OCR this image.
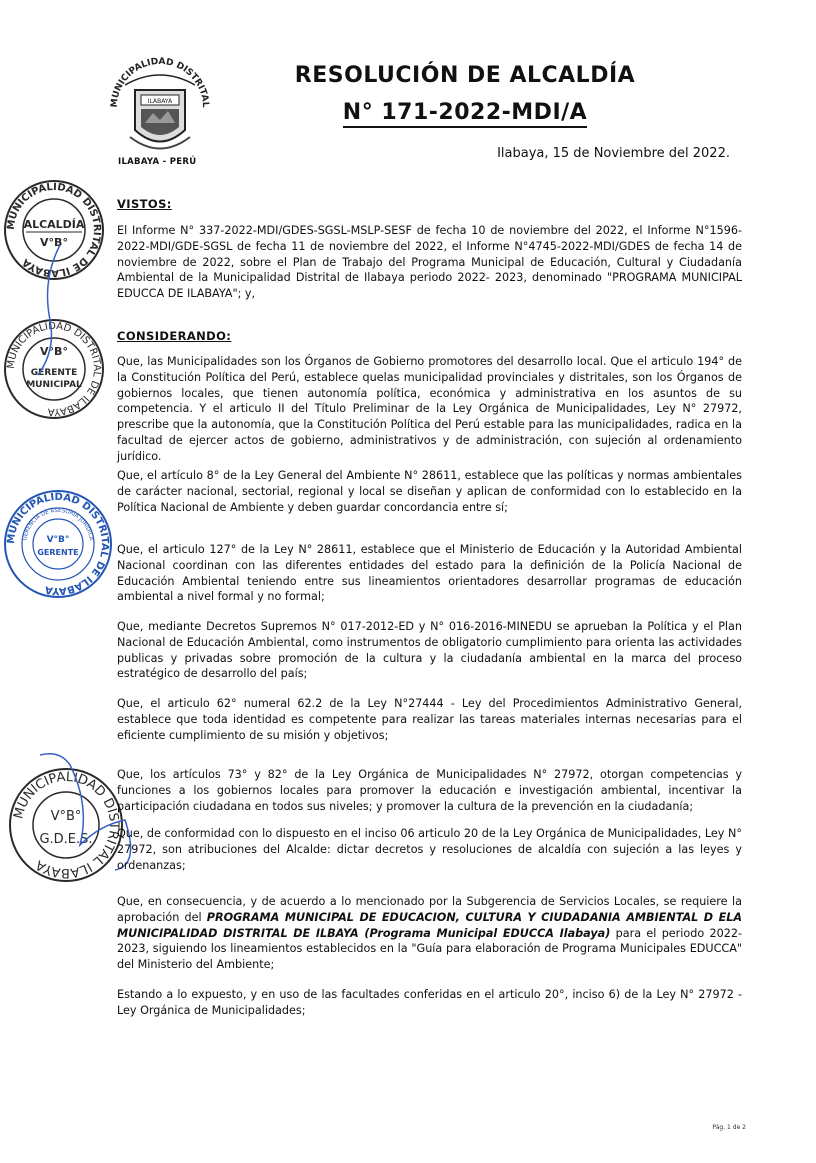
MUNICIPALIDAD DISTRITAL
ILABAYA
ILABAYA - PERÚ
RESOLUCIÓN DE ALCALDÍA
N° 171-2022-MDI/A
Ilabaya, 15 de Noviembre del 2022.
MUNICIPALIDAD DISTRITAL DE ILABAYA
ALCALDÍA
V°B°
MUNICIPALIDAD DISTRITAL DE ILABAYA
V°B°
GERENTE
MUNICIPAL
MUNICIPALIDAD DISTRITAL DE ILABAYA
GERENCIA DE ASESORÍA JURÍDICA
V°B°
GERENTE
MUNICIPALIDAD DISTRITAL ILABAYA
V°B°
G.D.E.S.
VISTOS:
El Informe N° 337-2022-MDI/GDES-SGSL-MSLP-SESF de fecha 10 de noviembre del 2022, el Informe N°1596-2022-MDI/GDE-SGSL de fecha 11 de noviembre del 2022, el Informe N°4745-2022-MDI/GDES de fecha 14 de noviembre de 2022, sobre el Plan de Trabajo del Programa Municipal de Educación, Cultural y Ciudadanía Ambiental de la Municipalidad Distrital de Ilabaya periodo 2022- 2023, denominado "PROGRAMA MUNICIPAL EDUCCA DE ILABAYA"; y,
CONSIDERANDO:
Que, las Municipalidades son los Órganos de Gobierno promotores del desarrollo local. Que el articulo 194° de la Constitución Política del Perú, establece quelas municipalidad provinciales y distritales, son los Órganos de gobiernos locales, que tienen autonomía política, económica y administrativa en los asuntos de su competencia. Y el articulo II del Título Preliminar de la Ley Orgánica de Municipalidades, Ley N° 27972, prescribe que la autonomía, que la Constitución Política del Perú estable para las municipalidades, radica en la facultad de ejercer actos de gobierno, administrativos y de administración, con sujeción al ordenamiento jurídico.
Que, el artículo 8° de la Ley General del Ambiente N° 28611, establece que las políticas y normas ambientales de carácter nacional, sectorial, regional y local se diseñan y aplican de conformidad con lo establecido en la Política Nacional de Ambiente y deben guardar concordancia entre sí;
Que, el articulo 127° de la Ley N° 28611, establece que el Ministerio de Educación y la Autoridad Ambiental Nacional coordinan con las diferentes entidades del estado para la definición de la Policía Nacional de Educación Ambiental teniendo entre sus lineamientos orientadores desarrollar programas de educación ambiental a nivel formal y no formal;
Que, mediante Decretos Supremos N° 017-2012-ED y N° 016-2016-MINEDU se aprueban la Política y el Plan Nacional de Educación Ambiental, como instrumentos de obligatorio cumplimiento para orienta las actividades publicas y privadas sobre promoción de la cultura y la ciudadanía ambiental en la marca del proceso estratégico de desarrollo del país;
Que, el articulo 62° numeral 62.2 de la Ley N°27444 - Ley del Procedimientos Administrativo General, establece que toda identidad es competente para realizar las tareas materiales internas necesarias para el eficiente cumplimiento de su misión y objetivos;
Que, los artículos 73° y 82° de la Ley Orgánica de Municipalidades N° 27972, otorgan competencias y funciones a los gobiernos locales para promover la educación e investigación ambiental, incentivar la participación ciudadana en todos sus niveles; y promover la cultura de la prevención en la ciudadanía;
Que, de conformidad con lo dispuesto en el inciso 06 articulo 20 de la Ley Orgánica de Municipalidades, Ley N° 27972, son atribuciones del Alcalde: dictar decretos y resoluciones de alcaldía con sujeción a las leyes y ordenanzas;
Que, en consecuencia, y de acuerdo a lo mencionado por la Subgerencia de Servicios Locales, se requiere la aprobación del PROGRAMA MUNICIPAL DE EDUCACION, CULTURA Y CIUDADANIA AMBIENTAL D ELA MUNICIPALIDAD DISTRITAL DE ILBAYA (Programa Municipal EDUCCA Ilabaya) para el periodo 2022-2023, siguiendo los lineamientos establecidos en la "Guía para elaboración de Programa Municipales EDUCCA" del Ministerio del Ambiente;
Estando a lo expuesto, y en uso de las facultades conferidas en el articulo 20°, inciso 6) de la Ley N° 27972 - Ley Orgánica de Municipalidades;
Pág. 1 de 2
